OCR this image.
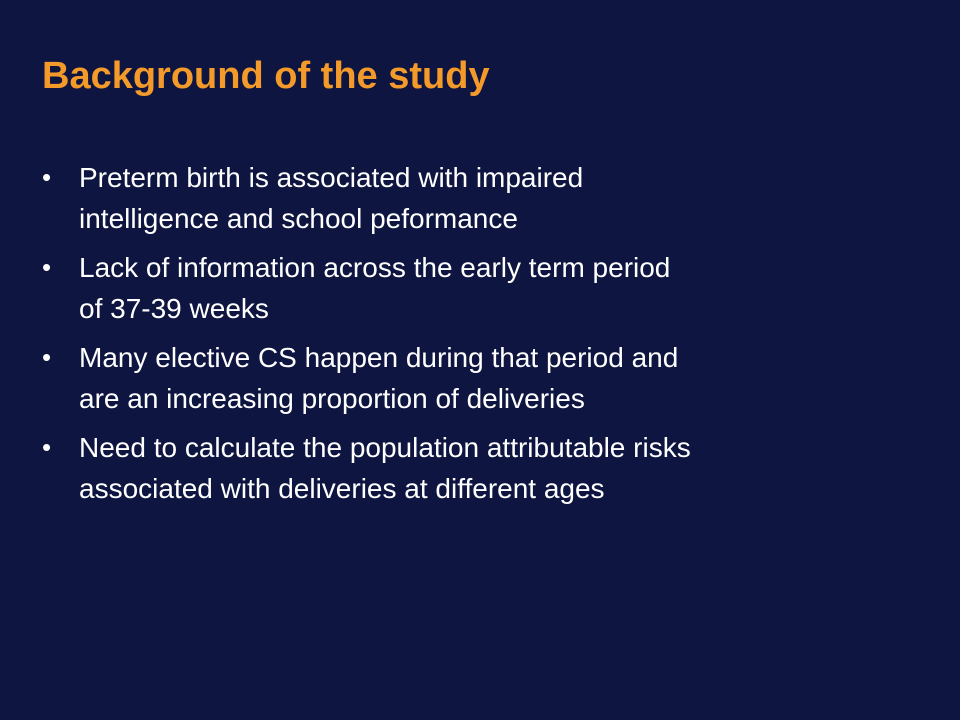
Background of the study
• Preterm birth is associated with impaired
intelligence and school peformance
• Lack of information across the early term period
of 37-39 weeks
• Many elective CS happen during that period and
are an increasing proportion of deliveries
• Need to calculate the population attributable risks
associated with deliveries at different ages
